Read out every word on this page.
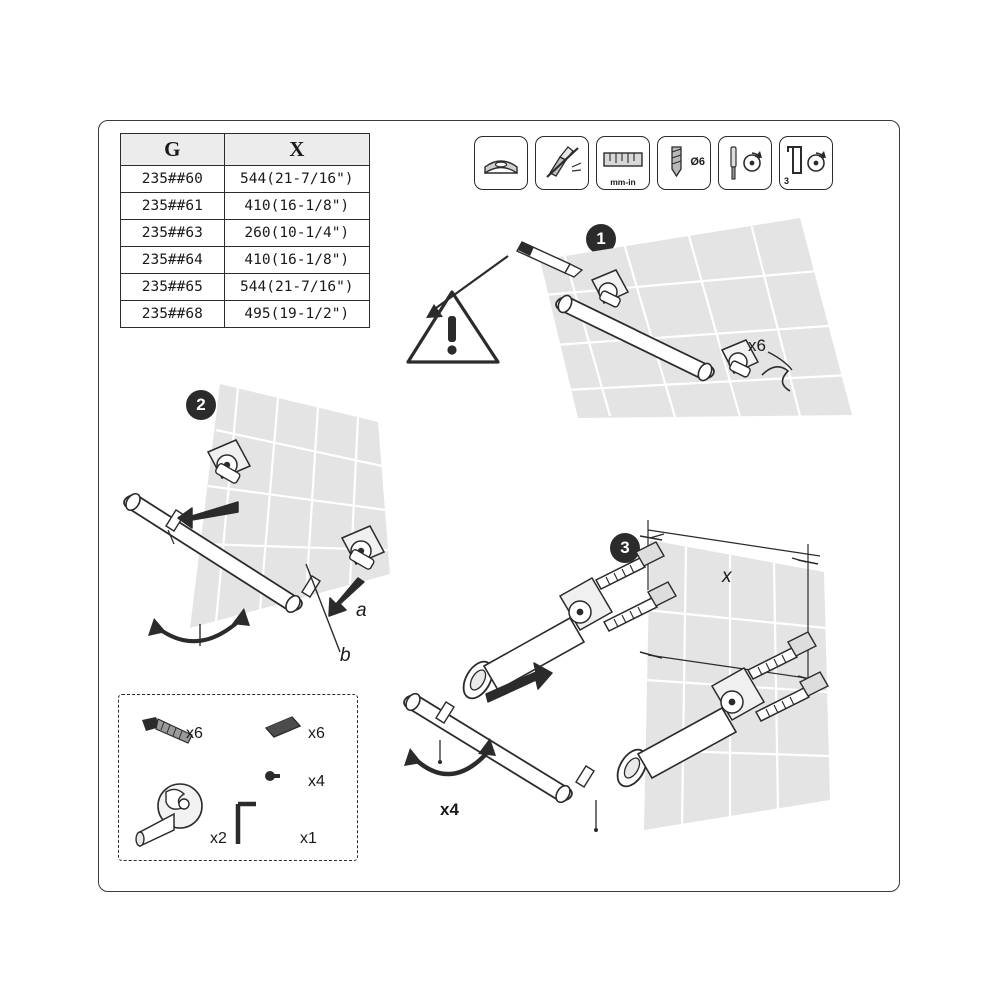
G	X
235##60	544(21-7/16")
235##61	410(16-1/8")
235##63	260(10-1/4")
235##64	410(16-1/8")
235##65	544(21-7/16")
235##68	495(19-1/2")
mm-in
Ø6
3
1
x6
2
a
b
3
x
x4
x6	x6
x4
x2	x1
